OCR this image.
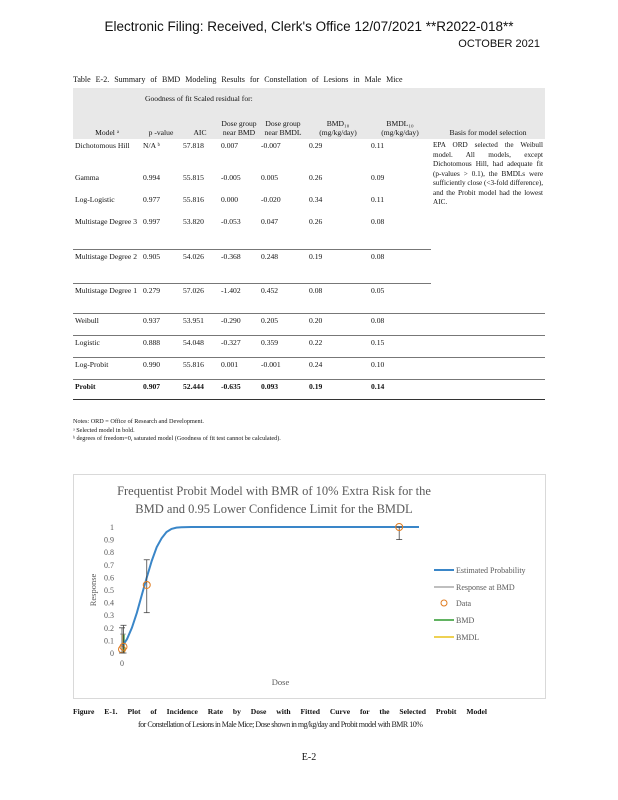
Electronic Filing: Received, Clerk's Office 12/07/2021 **R2022-018**
OCTOBER 2021
Table E-2. Summary of BMD Modeling Results for Constellation of Lesions in Male Mice
Goodness of fit Scaled residual for:							
Model ᵃ	p -value	AIC	Dose group near BMD	Dose group near BMDL	BMD₁₀ (mg/kg/day)	BMDL₁₀ (mg/kg/day)	Basis for model selection
Dichotomous Hill	N/A ᵇ	57.818	0.007	-0.007	0.29	0.11	EPA ORD selected the Weibull model. All models, except Dichotomous Hill, had adequate fit (p-values > 0.1), the BMDLs were sufficiently close (<3-fold difference), and the Probit model had the lowest AIC.
Gamma	0.994	55.815	-0.005	0.005	0.26	0.09	
Log-Logistic	0.977	55.816	0.000	-0.020	0.34	0.11	
Multistage Degree 3	0.997	53.820	-0.053	0.047	0.26	0.08	
Multistage Degree 2	0.905	54.026	-0.368	0.248	0.19	0.08	
Multistage Degree 1	0.279	57.026	-1.402	0.452	0.08	0.05	
Weibull	0.937	53.951	-0.290	0.205	0.20	0.08	
Logistic	0.888	54.048	-0.327	0.359	0.22	0.15	
Log-Probit	0.990	55.816	0.001	-0.001	0.24	0.10	
Probit	0.907	52.444	-0.635	0.093	0.19	0.14	
Notes: ORD = Office of Research and Development.
ᵃ Selected model in bold.
ᵇ degrees of freedom=0, saturated model (Goodness of fit test cannot be calculated).
Frequentist Probit Model with BMR of 10% Extra Risk for the
BMD and 0.95 Lower Confidence Limit for the BMDL
0
0.1
0.2
0.3
0.4
0.5
0.6
0.7
0.8
0.9
1
0
Response
Dose
Estimated Probability
Response at BMD
Data
BMD
BMDL
Figure E-1. Plot of Incidence Rate by Dose with Fitted Curve for the Selected Probit Model
for Constellation of Lesions in Male Mice; Dose shown in mg/kg/day and Probit model with BMR 10%
E-2
